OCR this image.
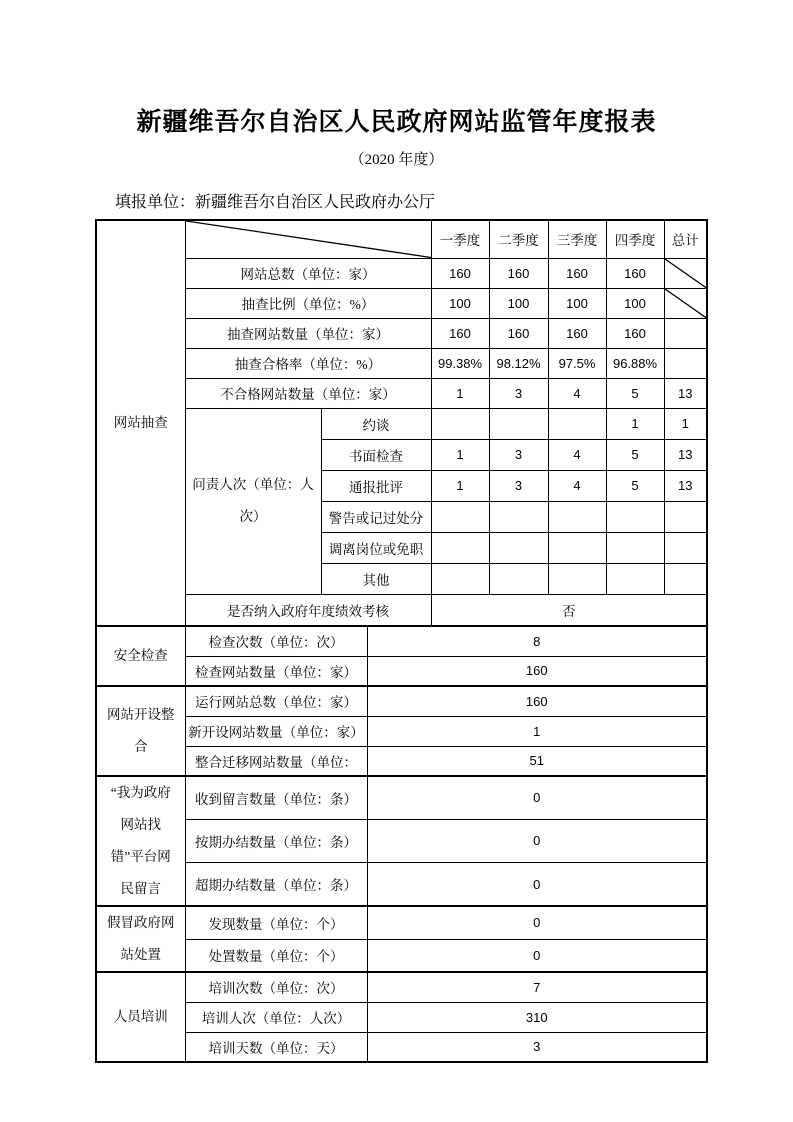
新疆维吾尔自治区人民政府网站监管年度报表
（2020 年度）
填报单位：新疆维吾尔自治区人民政府办公厅
网站抽查				一季度	二季度	三季度	四季度	总计
	网站总数（单位：家）			160	160	160	160	

	抽查比例（单位：%）			100	100	100	100	

	抽查网站数量（单位：家）			160	160	160	160	
	抽查合格率（单位：%）			99.38%	98.12%	97.5%	96.88%	
	不合格网站数量（单位：家）			1	3	4	5	13
	问责人次（单位：人次）	约谈					1	1
		书面检查		1	3	4	5	13
		通报批评		1	3	4	5	13
		警告或记过处分						
		调离岗位或免职						
		其他						
	是否纳入政府年度绩效考核			否				
安全检查	检查次数（单位：次）		8					
	检查网站数量（单位：家）		160					
网站开设整合	运行网站总数（单位：家）		160					
	新开设网站数量（单位：家）		1					
	整合迁移网站数量（单位：		51					
“我为政府网站找错”平台网民留言	收到留言数量（单位：条）		0					
	按期办结数量（单位：条）		0					
	超期办结数量（单位：条）		0					
假冒政府网站处置	发现数量（单位：个）		0					
	处置数量（单位：个）		0					
人员培训	培训次数（单位：次）		7					
	培训人次（单位：人次）		310					
	培训天数（单位：天）		3					
